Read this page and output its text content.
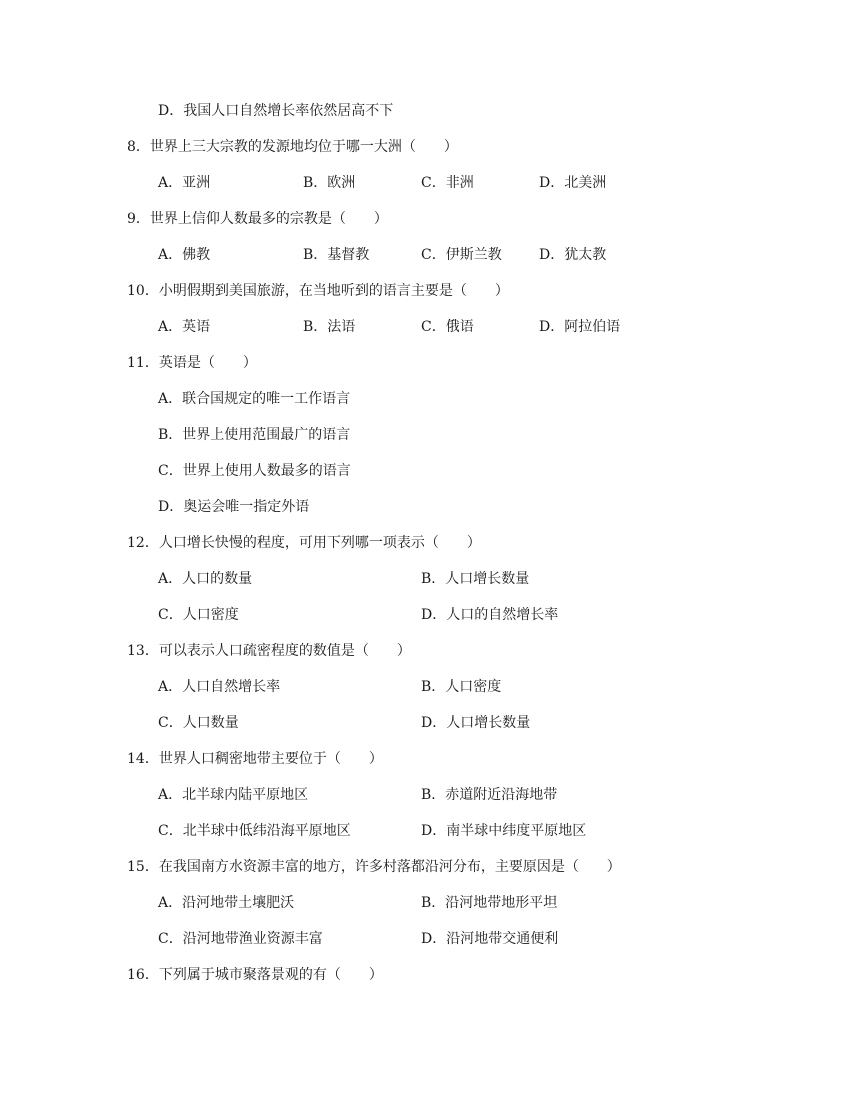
D．我国人口自然增长率依然居高不下
8．世界上三大宗教的发源地均位于哪一大洲（　　）
A．亚洲	B．欧洲	C．非洲	D．北美洲
9．世界上信仰人数最多的宗教是（　　）
A．佛教	B．基督教	C．伊斯兰教	D．犹太教
10．小明假期到美国旅游，在当地听到的语言主要是（　　）
A．英语	B．法语	C．俄语	D．阿拉伯语
11．英语是（　　）
A．联合国规定的唯一工作语言
B．世界上使用范围最广的语言
C．世界上使用人数最多的语言
D．奥运会唯一指定外语
12．人口增长快慢的程度，可用下列哪一项表示（　　）
A．人口的数量	B．人口增长数量
C．人口密度	D．人口的自然增长率
13．可以表示人口疏密程度的数值是（　　）
A．人口自然增长率	B．人口密度
C．人口数量	D．人口增长数量
14．世界人口稠密地带主要位于（　　）
A．北半球内陆平原地区	B．赤道附近沿海地带
C．北半球中低纬沿海平原地区	D．南半球中纬度平原地区
15．在我国南方水资源丰富的地方，许多村落都沿河分布，主要原因是（　　）
A．沿河地带土壤肥沃	B．沿河地带地形平坦
C．沿河地带渔业资源丰富	D．沿河地带交通便利
16．下列属于城市聚落景观的有（　　）
